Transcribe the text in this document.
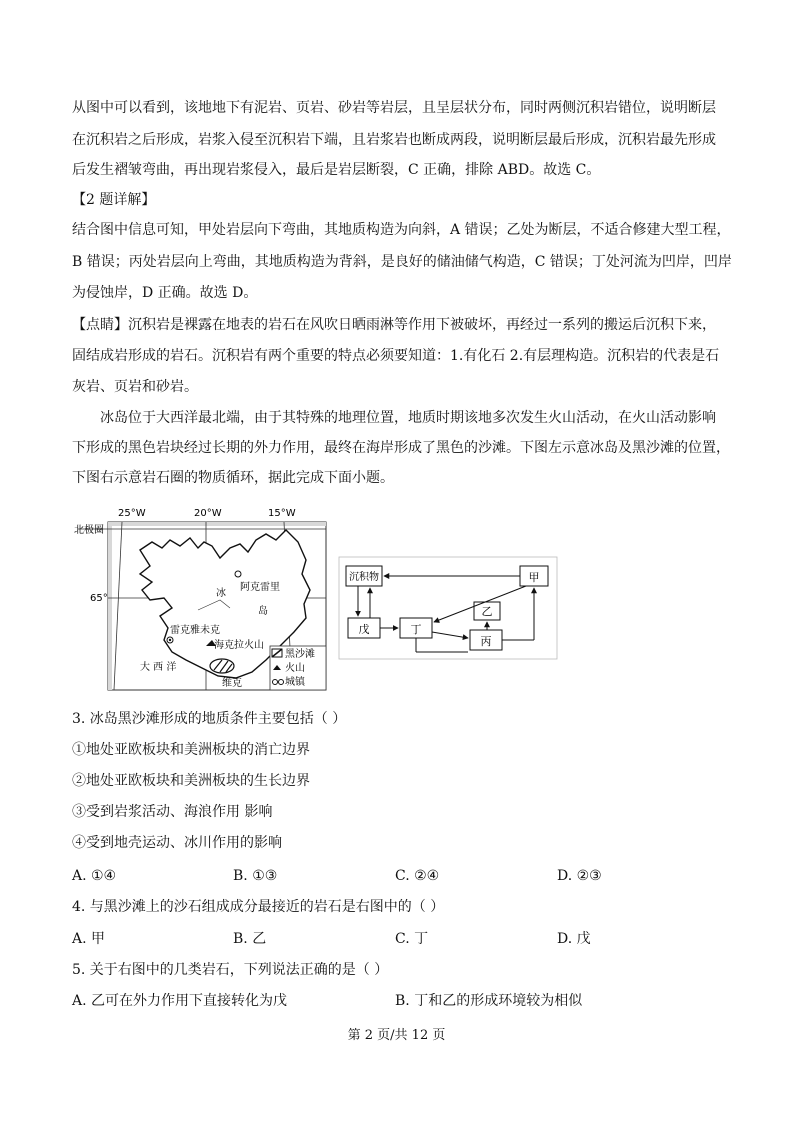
从图中可以看到，该地地下有泥岩、页岩、砂岩等岩层，且呈层状分布，同时两侧沉积岩错位，说明断层
在沉积岩之后形成，岩浆入侵至沉积岩下端，且岩浆岩也断成两段，说明断层最后形成，沉积岩最先形成
后发生褶皱弯曲，再出现岩浆侵入，最后是岩层断裂，C 正确，排除 ABD。故选 C。
【2 题详解】
结合图中信息可知，甲处岩层向下弯曲，其地质构造为向斜，A 错误；乙处为断层，不适合修建大型工程，
B 错误；丙处岩层向上弯曲，其地质构造为背斜，是良好的储油储气构造，C 错误；丁处河流为凹岸，凹岸
为侵蚀岸，D 正确。故选 D。
【点睛】沉积岩是裸露在地表的岩石在风吹日晒雨淋等作用下被破坏，再经过一系列的搬运后沉积下来，
固结成岩形成的岩石。沉积岩有两个重要的特点必须要知道：1.有化石 2.有层理构造。沉积岩的代表是石
灰岩、页岩和砂岩。
冰岛位于大西洋最北端，由于其特殊的地理位置，地质时期该地多次发生火山活动，在火山活动影响
下形成的黑色岩块经过长期的外力作用，最终在海岸形成了黑色的沙滩。下图左示意冰岛及黑沙滩的位置，
下图右示意岩石圈的物质循环，据此完成下面小题。
25°W	20°W	15°W
北极圈
65°
阿克雷里
冰
岛
雷克雅未克
海克拉火山
大 西 洋
维克
黑沙滩
火山
城镇
沉积物	甲
乙
戊	丁
丙
3. 冰岛黑沙滩形成的地质条件主要包括（ ）
①地处亚欧板块和美洲板块的消亡边界
②地处亚欧板块和美洲板块的生长边界
③受到岩浆活动、海浪作用 影响
④受到地壳运动、冰川作用的影响
A. ①④	B. ①③	C. ②④	D. ②③
4. 与黑沙滩上的沙石组成成分最接近的岩石是右图中的（ ）
A. 甲	B. 乙	C. 丁	D. 戊
5. 关于右图中的几类岩石，下列说法正确的是（ ）
A. 乙可在外力作用下直接转化为戊	B. 丁和乙的形成环境较为相似
第 2 页/共 12 页
